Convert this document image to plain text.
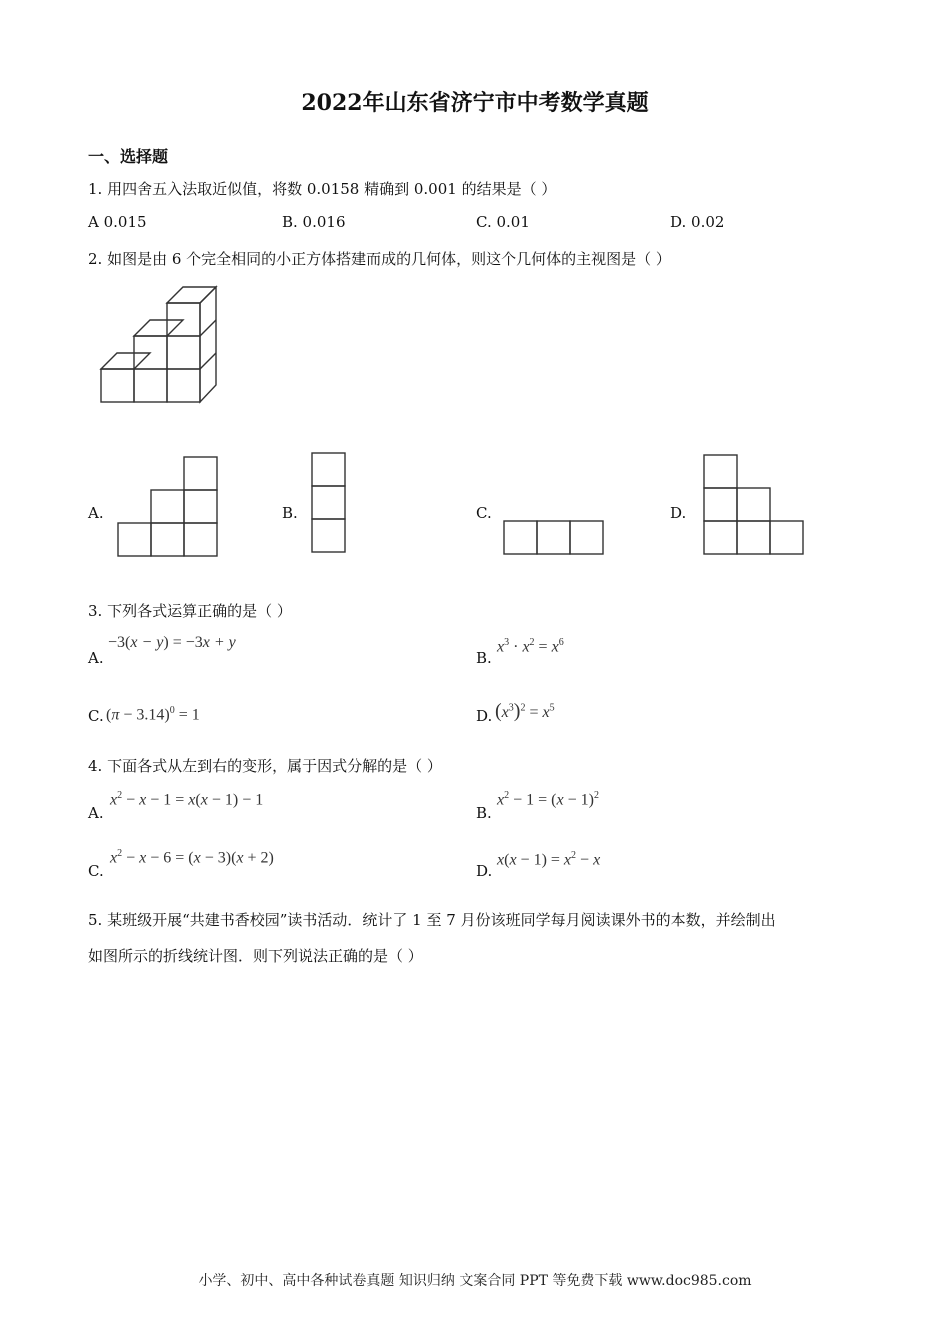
2022年山东省济宁市中考数学真题
一、选择题
1. 用四舍五入法取近似值，将数 0.0158 精确到 0.001 的结果是（ ）
A 0.015	B. 0.016	C. 0.01	D. 0.02
2. 如图是由 6 个完全相同的小正方体搭建而成的几何体，则这个几何体的主视图是（ ）
A.	B.	C.	D.
3. 下列各式运算正确的是（ ）
A.
−3(x − y) = −3x + y
B.
$x^3 \cdot x^2 = x^6$
C. $(\pi - 3.14)^0 = 1$	D. $(x^3)^2 = x^5$
4. 下面各式从左到右的变形，属于因式分解的是（ ）
A.
$x^2 - x - 1 = x(x - 1) - 1$
B.
$x^2 - 1 = (x - 1)^2$
C.
$x^2 - x - 6 = (x - 3)(x + 2)$
D.
$x(x - 1) = x^2 - x$
5. 某班级开展“共建书香校园”读书活动．统计了 1 至 7 月份该班同学每月阅读课外书的本数，并绘制出
如图所示的折线统计图．则下列说法正确的是（ ）
小学、初中、高中各种试卷真题 知识归纳 文案合同 PPT 等免费下载 www.doc985.com
